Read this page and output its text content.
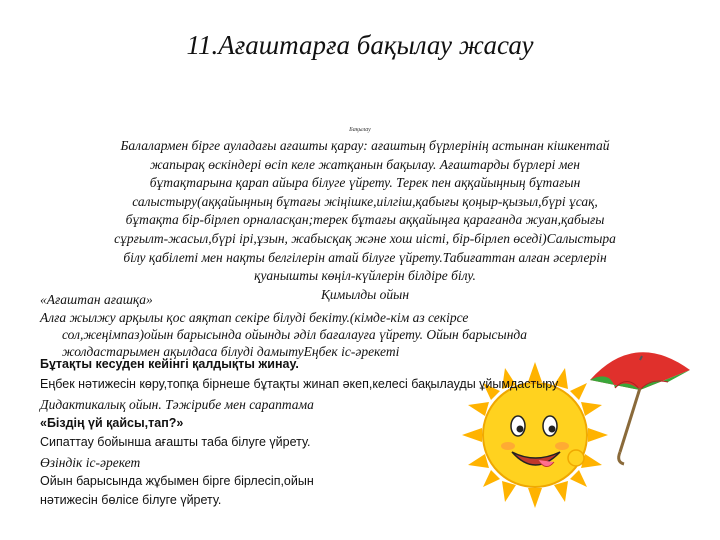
11.Ағаштарға бақылау жасау
Бақылау
Балалармен бірге ауладағы ағашты қарау: ағаштың бүрлерінің астынан кішкентай
жапырақ өскіндері өсіп келе жатқанын бақылау. Ағаштарды бүрлері мен
бұтақтарына қарап айыра білуге үйрету. Терек пен аққайыңның бұтағын
салыстыру(аққайыңның бұтағы жіңішке,иілгіш,қабығы қоңыр-қызыл,бүрі ұсақ,
бұтақта бір-бірлеп орналасқан;терек бұтағы аққайыңға қарағанда жуан,қабығы
сұрғылт-жасыл,бүрі ірі,ұзын, жабысқақ және хош иісті, бір-бірлеп өседі)Салыстыра
білу қабілеті мен нақты белгілерін атай білуге үйрету.Табиғаттан алған әсерлерін
қуанышты көңіл-күйлерін білдіре білу.
Қимылды ойын
«Ағаштан ағашқа»
Алға жылжу арқылы қос аяқтап секіре білуді бекіту.(кімде-кім аз секірсе
сол,жеңімпаз)ойын барысында ойынды әділ бағалауға үйрету. Ойын барысында
жолдастарымен ақылдаса білуді дамытуЕңбек іс-әрекеті
Бұтақты кесуден кейінгі қалдықты жинау.
Еңбек нәтижесін көру,топқа бірнеше бұтақты жинап әкеп,келесі бақылауды ұйымдастыру
Дидактикалық ойын. Тәжірибе мен сараптама
«Біздің үй қайсы,тап?»
Сипаттау бойынша ағашты таба білуге үйрету.
Өзіндік іс-әрекет
Ойын барысында жұбымен бірге бірлесіп,ойын
нәтижесін бөлісе білуге үйрету.
